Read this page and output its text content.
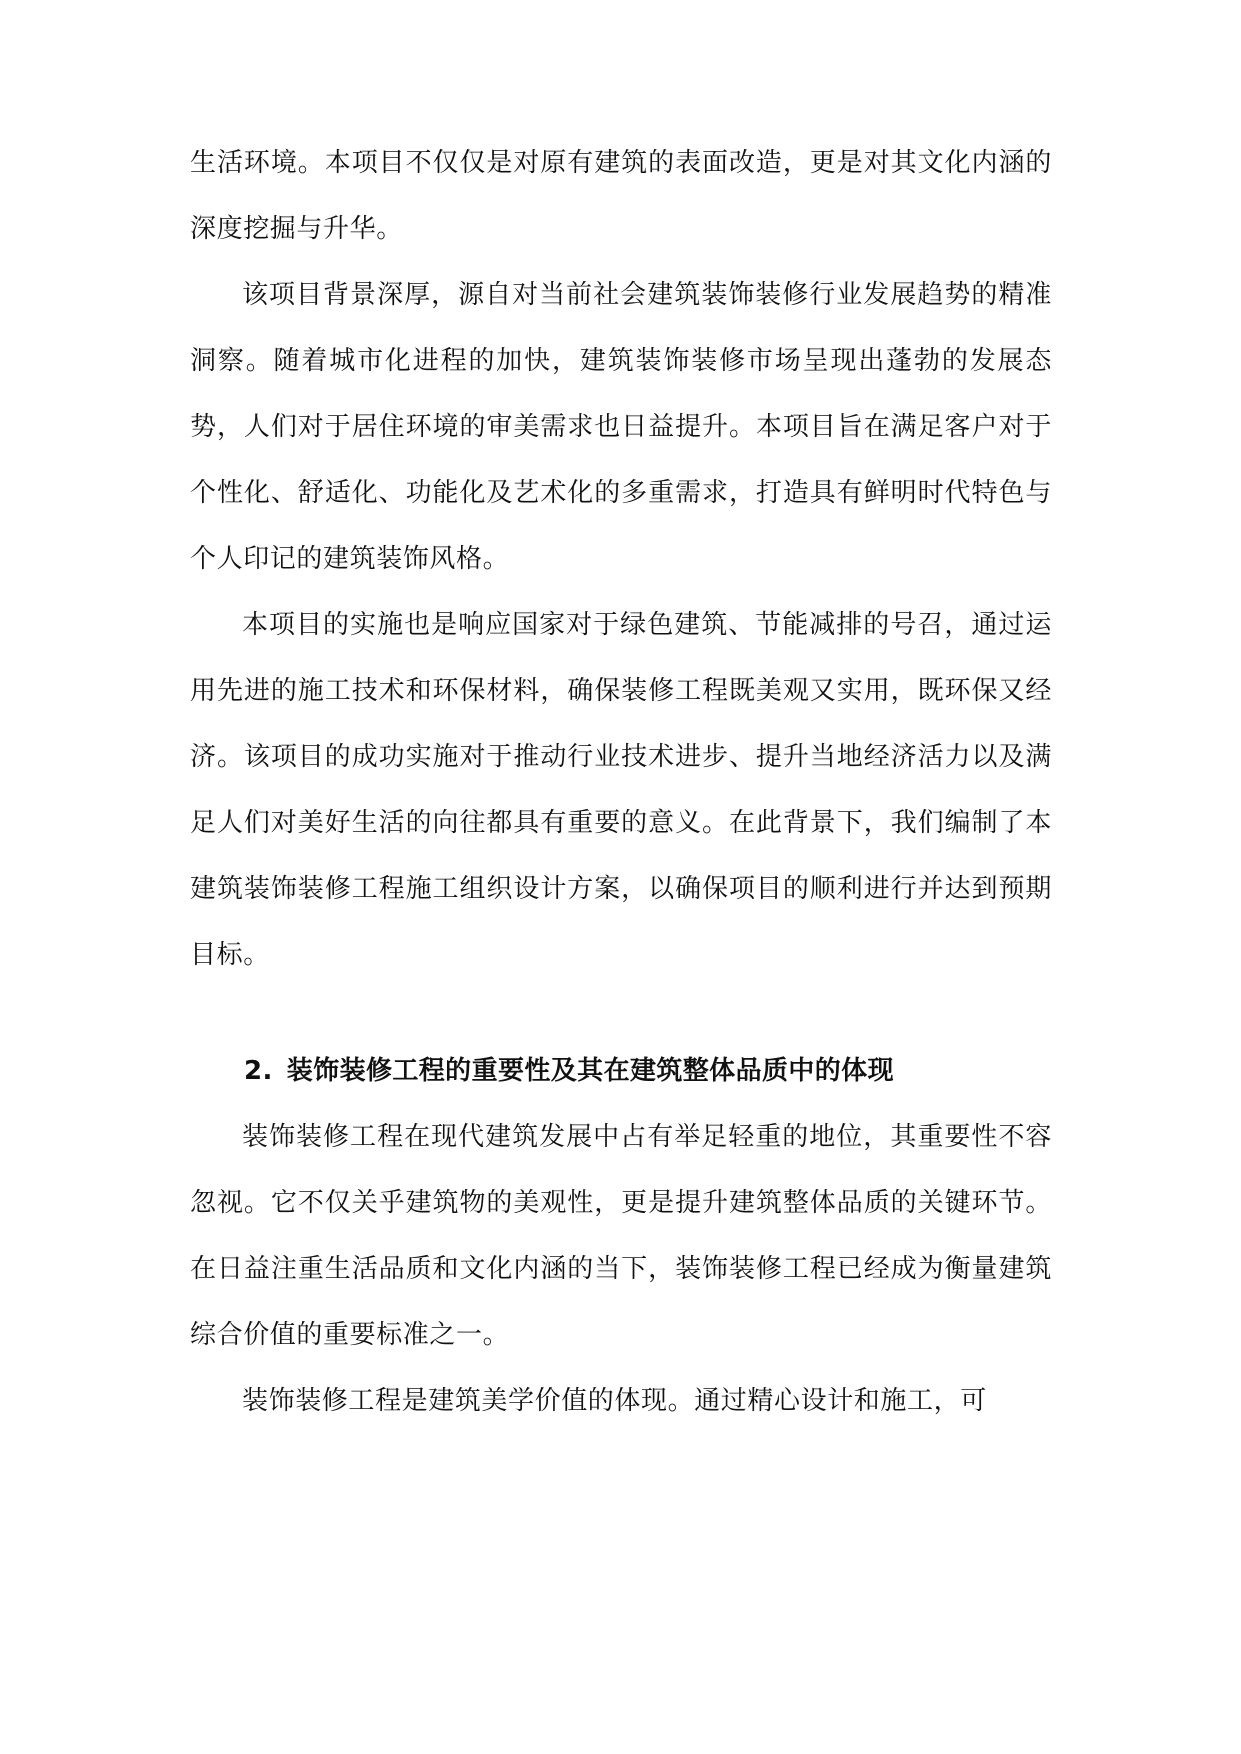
生活环境。本项目不仅仅是对原有建筑的表面改造，更是对其文化内涵的深度挖掘与升华。

该项目背景深厚，源自对当前社会建筑装饰装修行业发展趋势的精准洞察。随着城市化进程的加快，建筑装饰装修市场呈现出蓬勃的发展态势，人们对于居住环境的审美需求也日益提升。本项目旨在满足客户对于个性化、舒适化、功能化及艺术化的多重需求，打造具有鲜明时代特色与个人印记的建筑装饰风格。

本项目的实施也是响应国家对于绿色建筑、节能减排的号召，通过运用先进的施工技术和环保材料，确保装修工程既美观又实用，既环保又经济。该项目的成功实施对于推动行业技术进步、提升当地经济活力以及满足人们对美好生活的向往都具有重要的意义。在此背景下，我们编制了本建筑装饰装修工程施工组织设计方案，以确保项目的顺利进行并达到预期目标。

2. 装饰装修工程的重要性及其在建筑整体品质中的体现

装饰装修工程在现代建筑发展中占有举足轻重的地位，其重要性不容忽视。它不仅关乎建筑物的美观性，更是提升建筑整体品质的关键环节。在日益注重生活品质和文化内涵的当下，装饰装修工程已经成为衡量建筑综合价值的重要标准之一。

装饰装修工程是建筑美学价值的体现。通过精心设计和施工，可
